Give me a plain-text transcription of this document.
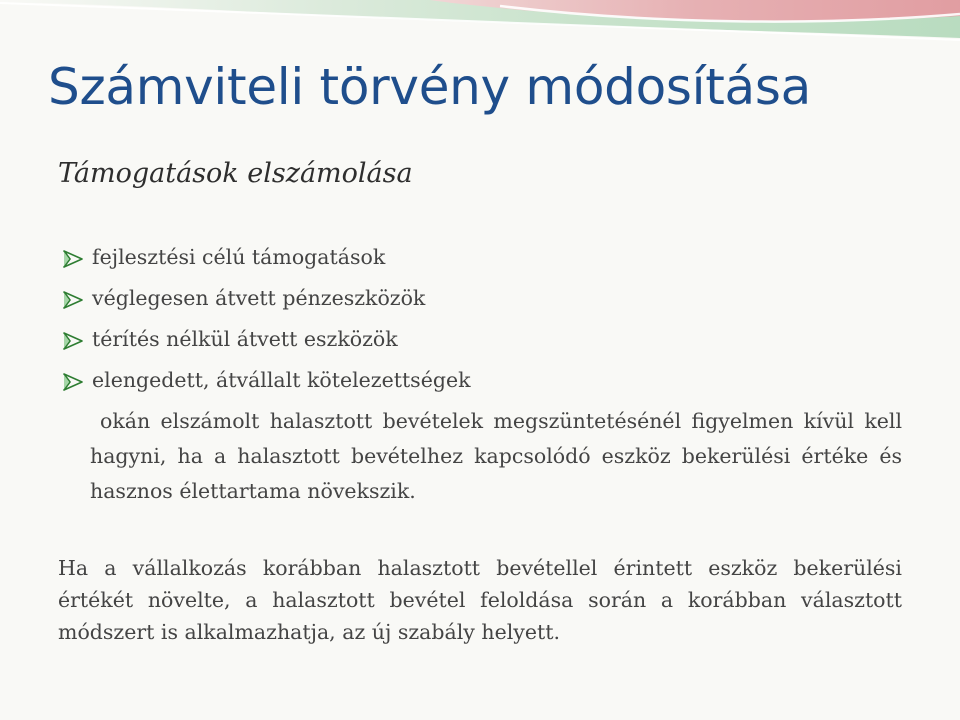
Számviteli törvény módosítása

Támogatások elszámolása

fejlesztési célú támogatások
véglegesen átvett pénzeszközök
térítés nélkül átvett eszközök
elengedett, átvállalt kötelezettségek

okán elszámolt halasztott bevételek megszüntetésénél figyelmen kívül kell hagyni, ha a halasztott bevételhez kapcsolódó eszköz bekerülési értéke és hasznos élettartama növekszik.

Ha a vállalkozás korábban halasztott bevétellel érintett eszköz bekerülési értékét növelte, a halasztott bevétel feloldása során a korábban választott módszert is alkalmazhatja, az új szabály helyett.
